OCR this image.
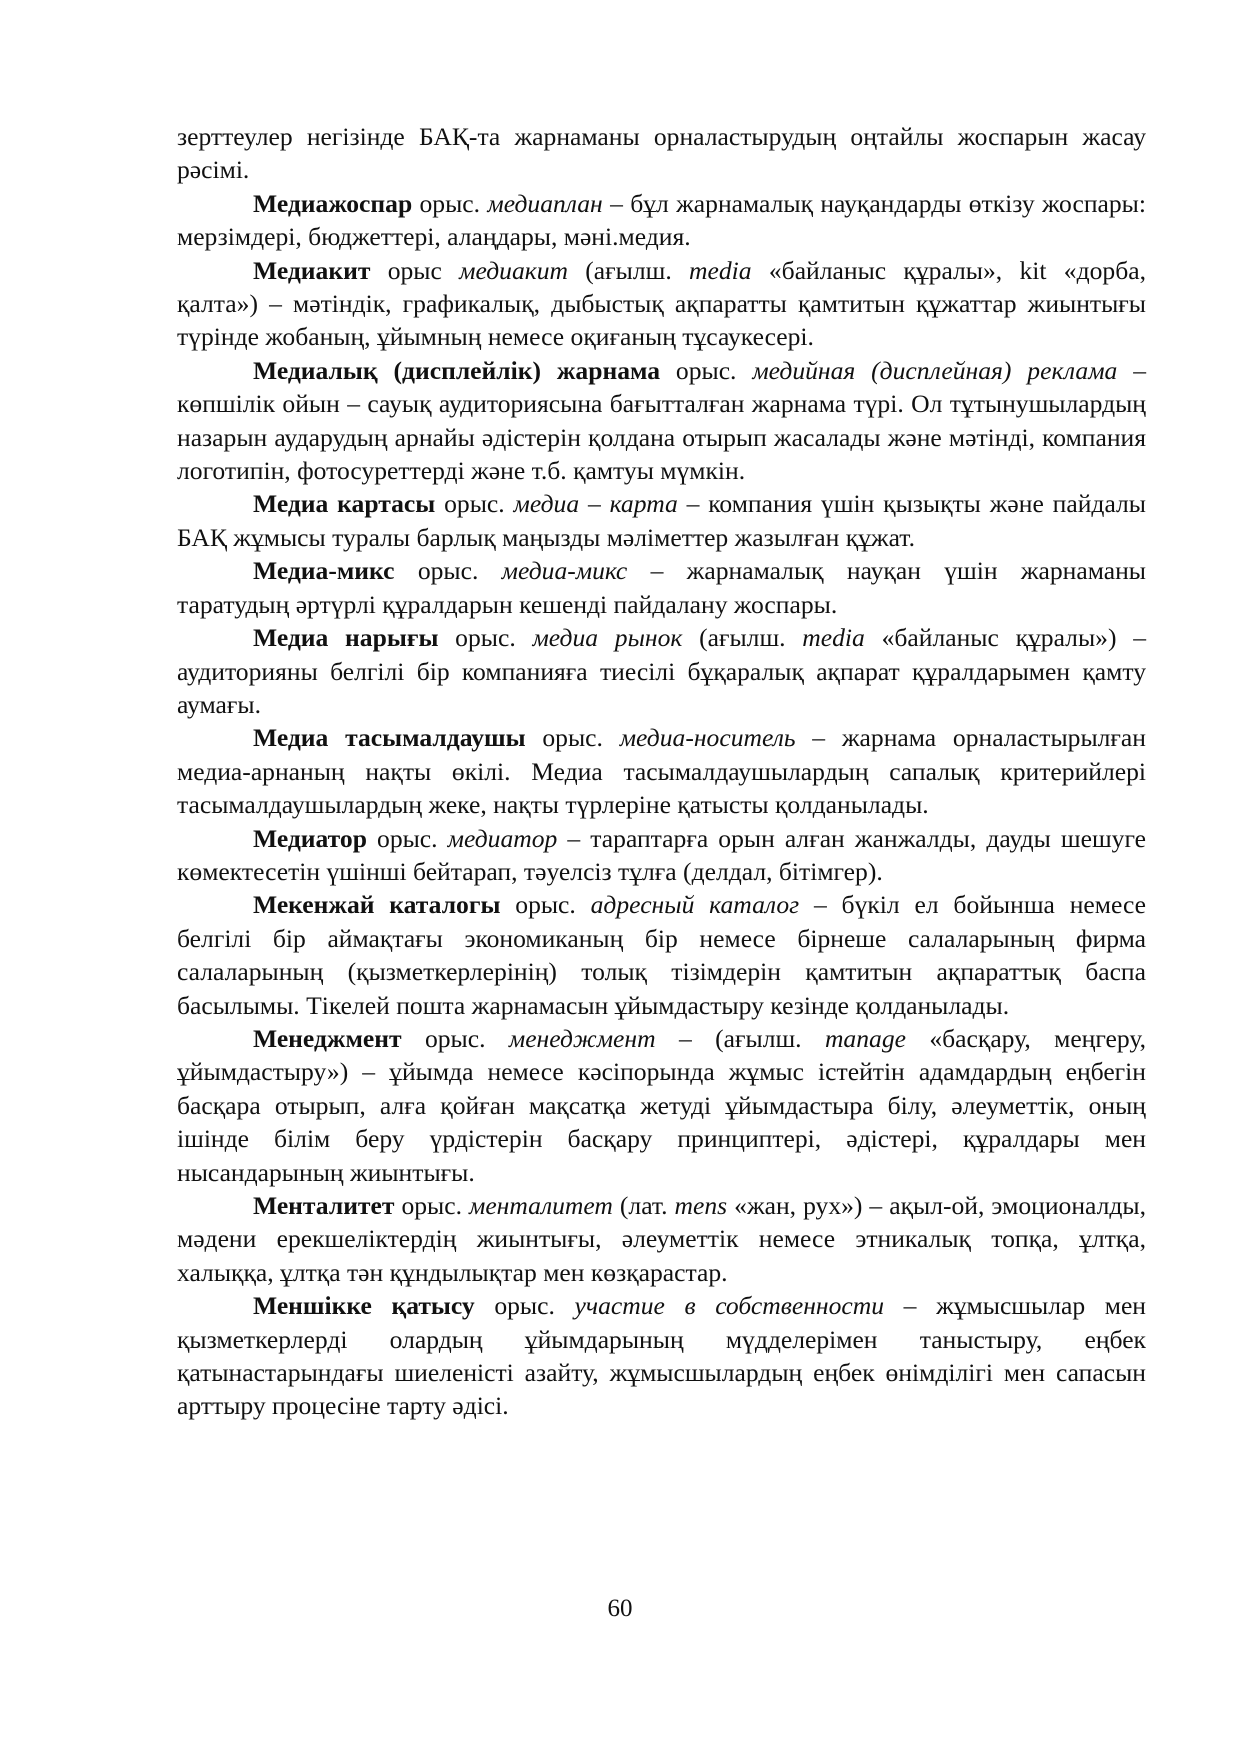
зерттеулер негізінде БАҚ-та жарнаманы орналастырудың оңтайлы жоспарын жасау рәсімі.

Медиажоспар орыс. медиаплан – бұл жарнамалық науқандарды өткізу жоспары: мерзімдері, бюджеттері, алаңдары, мәні.медия.

Медиакит орыс медиакит (ағылш. media «байланыс құралы», kit «дорба, қалта») – мәтіндік, графикалық, дыбыстық ақпаратты қамтитын құжаттар жиынтығы түрінде жобаның, ұйымның немесе оқиғаның тұсаукесері.

Медиалық (дисплейлік) жарнама орыс. медийная (дисплейная) реклама – көпшілік ойын – сауық аудиториясына бағытталған жарнама түрі. Ол тұтынушылардың назарын аударудың арнайы әдістерін қолдана отырып жасалады және мәтінді, компания логотипін, фотосуреттерді және т.б. қамтуы мүмкін.

Медиа картасы орыс. медиа – карта – компания үшін қызықты және пайдалы БАҚ жұмысы туралы барлық маңызды мәліметтер жазылған құжат.

Медиа-микс орыс. медиа-микс – жарнамалық науқан үшін жарнаманы таратудың әртүрлі құралдарын кешенді пайдалану жоспары.

Медиа нарығы орыс. медиа рынок (ағылш. media «байланыс құралы») – аудиторияны белгілі бір компанияға тиесілі бұқаралық ақпарат құралдарымен қамту аумағы.

Медиа тасымалдаушы орыс. медиа-носитель – жарнама орналастырылған медиа-арнаның нақты өкілі. Медиа тасымалдаушылардың сапалық критерийлері тасымалдаушылардың жеке, нақты түрлеріне қатысты қолданылады.

Медиатор орыс. медиатор – тараптарға орын алған жанжалды, дауды шешуге көмектесетін үшінші бейтарап, тәуелсіз тұлға (делдал, бітімгер).

Мекенжай каталогы орыс. адресный каталог – бүкіл ел бойынша немесе белгілі бір аймақтағы экономиканың бір немесе бірнеше салаларының фирма салаларының (қызметкерлерінің) толық тізімдерін қамтитын ақпараттық баспа басылымы. Тікелей пошта жарнамасын ұйымдастыру кезінде қолданылады.

Менеджмент орыс. менеджмент – (ағылш. manage «басқару, меңгеру, ұйымдастыру») – ұйымда немесе кәсіпорында жұмыс істейтін адамдардың еңбегін басқара отырып, алға қойған мақсатқа жетуді ұйымдастыра білу, әлеуметтік, оның ішінде білім беру үрдістерін басқару принциптері, әдістері, құралдары мен нысандарының жиынтығы.

Менталитет орыс. менталитет (лат. mens «жан, рух») – ақыл-ой, эмоционалды, мәдени ерекшеліктердің жиынтығы, әлеуметтік немесе этникалық топқа, ұлтқа, халыққа, ұлтқа тән құндылықтар мен көзқарастар.

Меншікке қатысу орыс. участие в собственности – жұмысшылар мен қызметкерлерді олардың ұйымдарының мүдделерімен таныстыру, еңбек қатынастарындағы шиеленісті азайту, жұмысшылардың еңбек өнімділігі мен сапасын арттыру процесіне тарту әдісі.

60
